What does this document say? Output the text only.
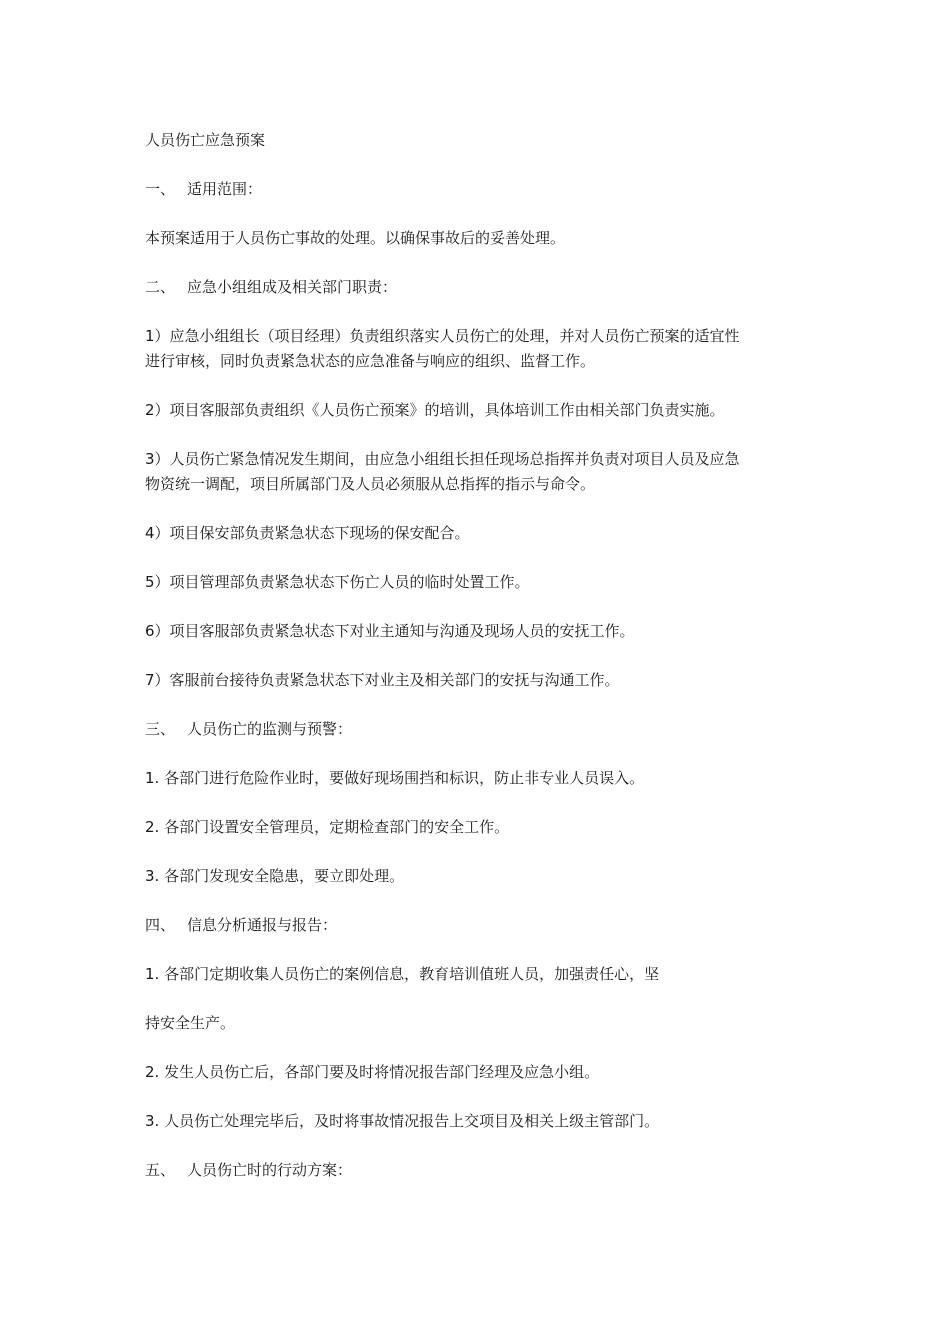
人员伤亡应急预案

一、 适用范围：

本预案适用于人员伤亡事故的处理。以确保事故后的妥善处理。

二、 应急小组组成及相关部门职责：

1）应急小组组长（项目经理）负责组织落实人员伤亡的处理，并对人员伤亡预案的适宜性

进行审核，同时负责紧急状态的应急准备与响应的组织、监督工作。

2）项目客服部负责组织《人员伤亡预案》的培训，具体培训工作由相关部门负责实施。

3）人员伤亡紧急情况发生期间，由应急小组组长担任现场总指挥并负责对项目人员及应急

物资统一调配，项目所属部门及人员必须服从总指挥的指示与命令。

4）项目保安部负责紧急状态下现场的保安配合。

5）项目管理部负责紧急状态下伤亡人员的临时处置工作。

6）项目客服部负责紧急状态下对业主通知与沟通及现场人员的安抚工作。

7）客服前台接待负责紧急状态下对业主及相关部门的安抚与沟通工作。

三、 人员伤亡的监测与预警：

1. 各部门进行危险作业时，要做好现场围挡和标识，防止非专业人员误入。

2. 各部门设置安全管理员，定期检查部门的安全工作。

3. 各部门发现安全隐患，要立即处理。

四、 信息分析通报与报告：

1. 各部门定期收集人员伤亡的案例信息，教育培训值班人员，加强责任心，坚

持安全生产。

2. 发生人员伤亡后，各部门要及时将情况报告部门经理及应急小组。

3. 人员伤亡处理完毕后，及时将事故情况报告上交项目及相关上级主管部门。

五、 人员伤亡时的行动方案：
